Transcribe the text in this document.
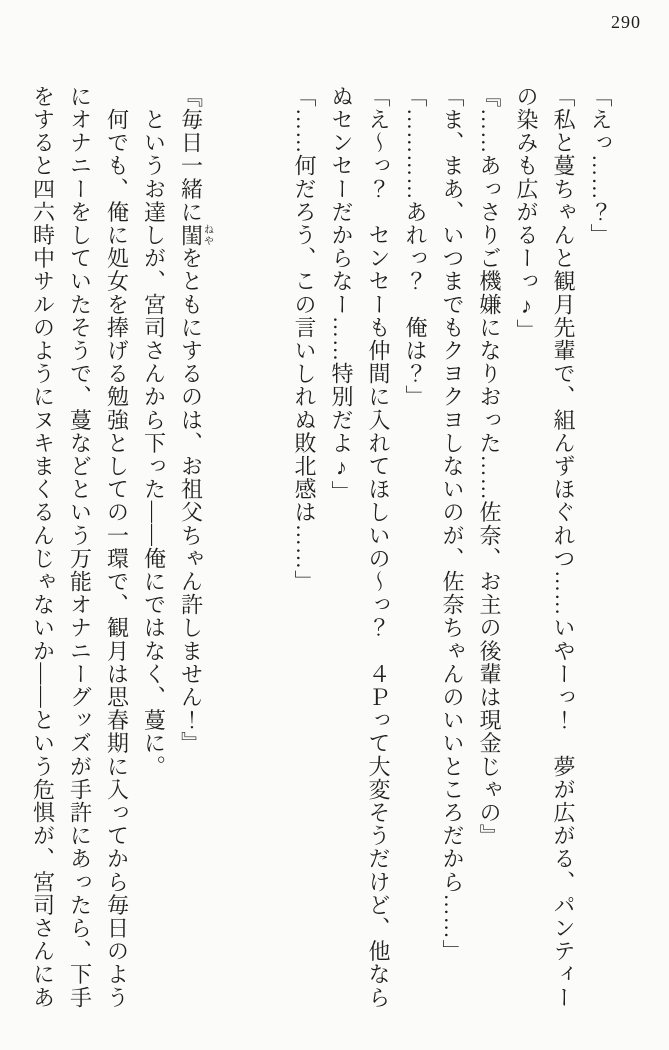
290
「えっ……？」
「私と蔓ちゃんと観月先輩で、組んずほぐれつ……いやーっ！　夢が広がる、パンティー
の染みも広がるーっ♪」
『……あっさりご機嫌になりおった……佐奈、お主の後輩は現金じゃの』
「ま、まあ、いつまでもクヨクヨしないのが、佐奈ちゃんのいいところだから……」
「…………あれっ？　俺は？」
「え～っ？　センセーも仲間に入れてほしいの～っ？　４Ｐって大変そうだけど、他なら
ぬセンセーだからなー……特別だよ♪」
「……何だろう、この言いしれぬ敗北感は……」
『毎日一緒に閨ねやをともにするのは、お祖父ちゃん許しません！』
　というお達しが、宮司さんから下った――俺にではなく、蔓に。
　何でも、俺に処女を捧げる勉強としての一環で、観月は思春期に入ってから毎日のよう
にオナニーをしていたそうで、蔓などという万能オナニーグッズが手許にあったら、下手
をすると四六時中サルのようにヌキまくるんじゃないか――という危惧が、宮司さんにあ
